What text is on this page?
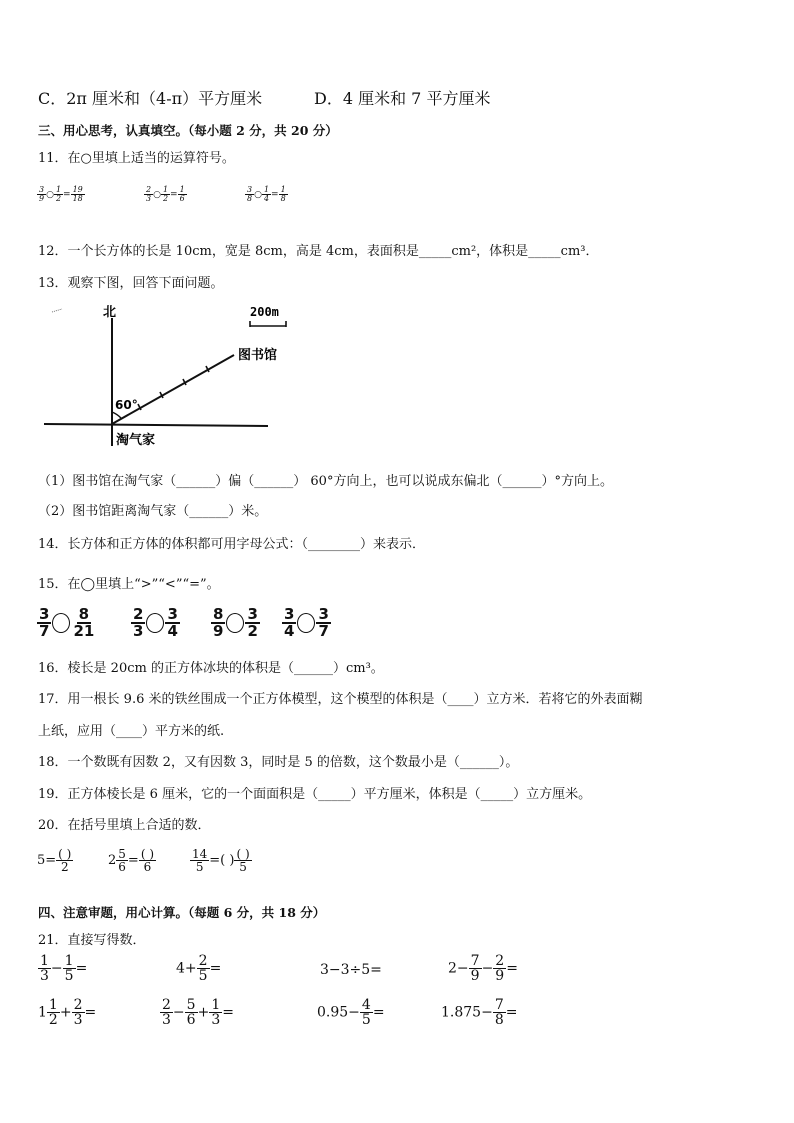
C．2π 厘米和（4-π）平方厘米	D．4 厘米和 7 平方厘米
三、用心思考，认真填空。（每小题 2 分，共 20 分）
11．在○里填上适当的运算符号。
$\frac{3}{9}$ ○ $\frac{1}{2} = \frac{19}{18}$	$\frac{2}{3}$ ○ $\frac{1}{2} = \frac{1}{6}$	$\frac{3}{8}$ ○ $\frac{1}{4} = \frac{1}{8}$
12．一个长方体的长是 10cm，宽是 8cm，高是 4cm，表面积是_____cm²，体积是_____cm³．
13．观察下图，回答下面问题。
北	200m
图书馆
60°
淘气家
（1）图书馆在淘气家（______）偏（______） 60°方向上，也可以说成东偏北（______）°方向上。
（2）图书馆距离淘气家（______）米。
14．长方体和正方体的体积都可用字母公式：（________）来表示．
15．在◯里填上“>”“<”“=”。
$\frac{3}{7} \frac{8}{21} \frac{2}{3} \frac{3}{4} \frac{8}{9} \frac{3}{2} \frac{3}{4} \frac{3}{7}$
16．棱长是 20cm 的正方体冰块的体积是（______）cm³。
17．用一根长 9.6 米的铁丝围成一个正方体模型，这个模型的体积是（____）立方米．若将它的外表面糊
上纸，应用（____）平方米的纸.
18．一个数既有因数 2，又有因数 3，同时是 5 的倍数，这个数最小是（______）。
19．正方体棱长是 6 厘米，它的一个面面积是（_____）平方厘米，体积是（_____）立方厘米。
20．在括号里填上合适的数．
$5= \frac{( )}{2}$	$2 \frac{5}{6} = \frac{( )}{6}$	$\frac{14}{5}$ =( ) $\frac{( )}{5}$
四、注意审题，用心计算。（每题 6 分，共 18 分）
21．直接写得数．
$\frac{1}{3} - \frac{1}{5}$ =	$4+ \frac{2}{5}$ =	3−3÷5=	$2- \frac{7}{9} - \frac{2}{9}$ =
$1 \frac{1}{2} + \frac{2}{3}$ =	$\frac{2}{3} - \frac{5}{6} + \frac{1}{3}$ =	$0.95- \frac{4}{5}$ =	$1.875- \frac{7}{8}$ =
